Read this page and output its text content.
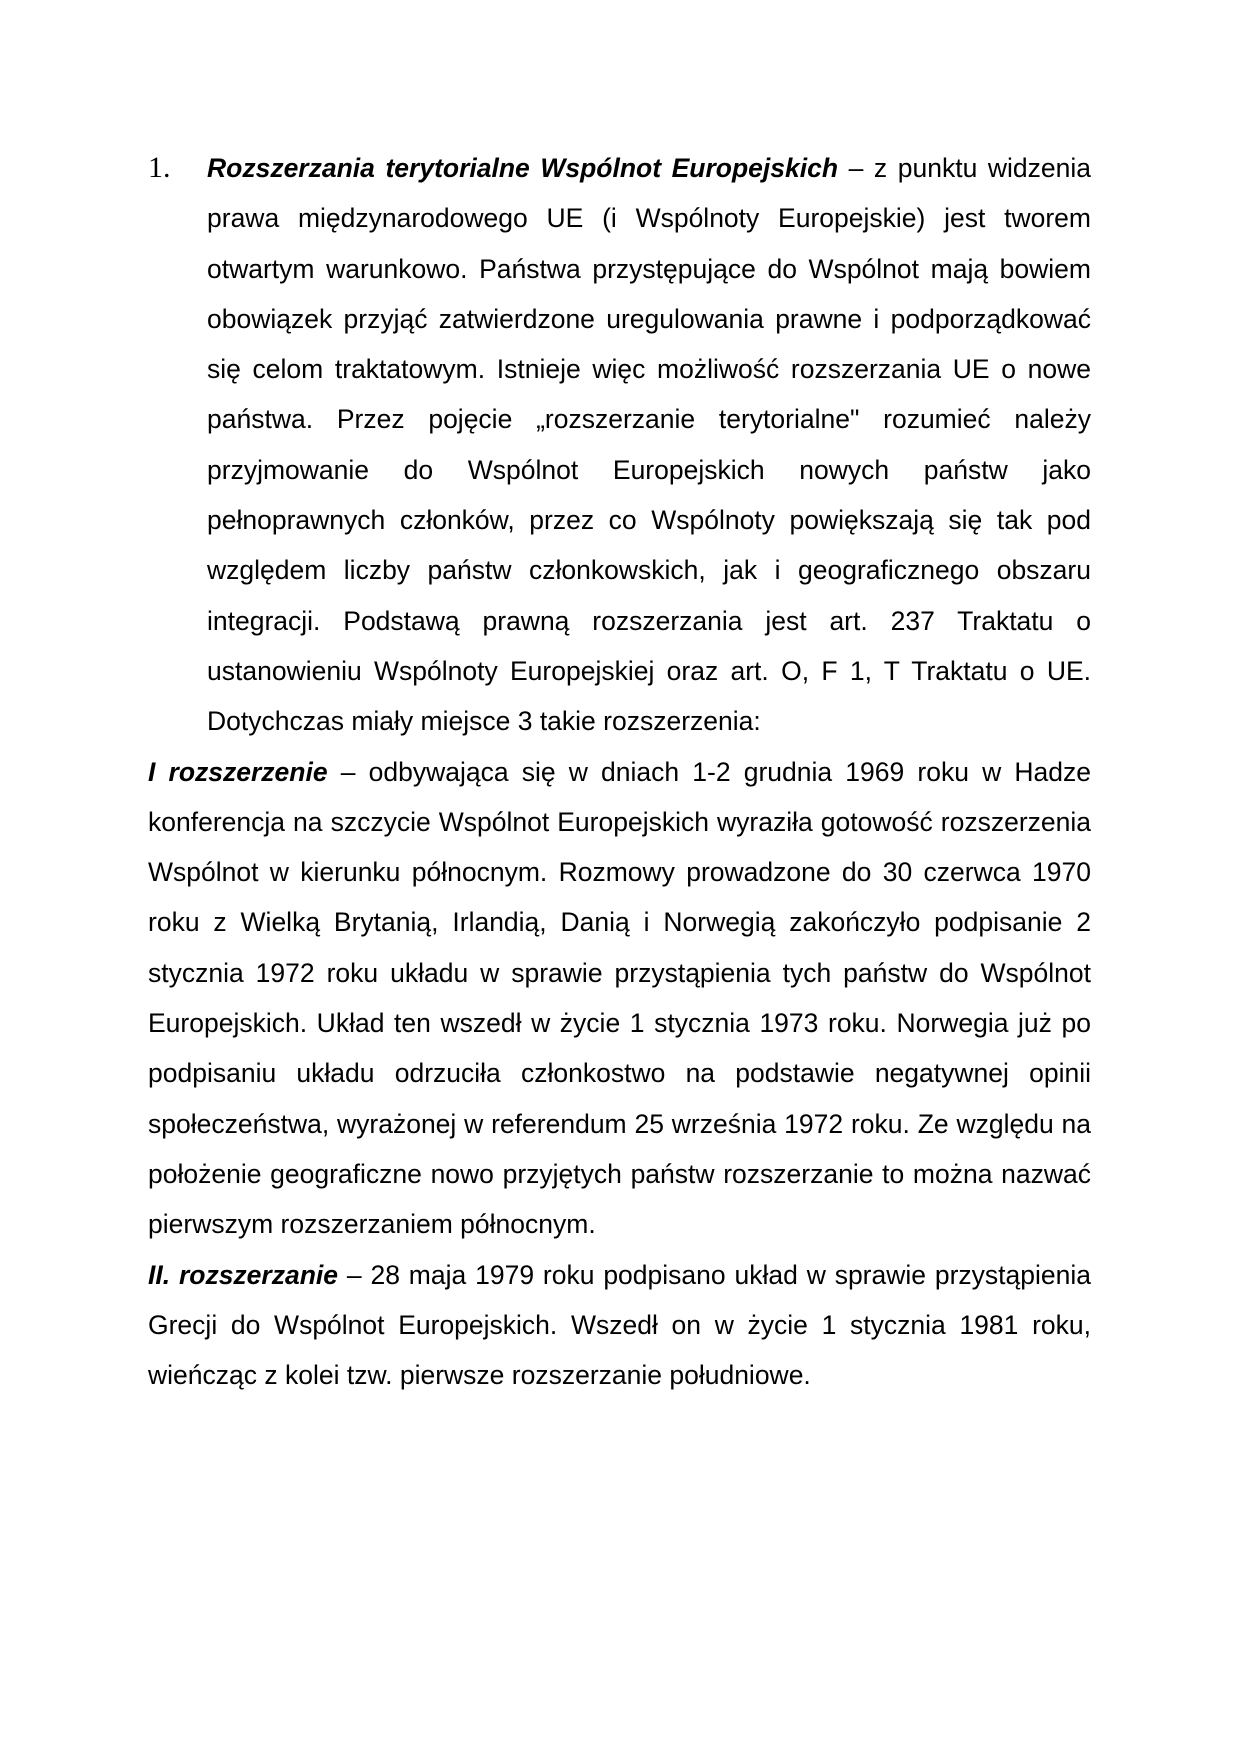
1. Rozszerzania terytorialne Wspólnot Europejskich – z punktu widzenia prawa międzynarodowego UE (i Wspólnoty Europejskie) jest tworem otwartym warunkowo. Państwa przystępujące do Wspólnot mają bowiem obowiązek przyjąć zatwierdzone uregulowania prawne i podporządkować się celom traktatowym. Istnieje więc możliwość rozszerzania UE o nowe państwa. Przez pojęcie „rozszerzanie terytorialne" rozumieć należy przyjmowanie do Wspólnot Europejskich nowych państw jako pełnoprawnych członków, przez co Wspólnoty powiększają się tak pod względem liczby państw członkowskich, jak i geograficznego obszaru integracji. Podstawą prawną rozszerzania jest art. 237 Traktatu o ustanowieniu Wspólnoty Europejskiej oraz art. O, F 1, T Traktatu o UE. Dotychczas miały miejsce 3 takie rozszerzenia:

I rozszerzenie – odbywająca się w dniach 1-2 grudnia 1969 roku w Hadze konferencja na szczycie Wspólnot Europejskich wyraziła gotowość rozszerzenia Wspólnot w kierunku północnym. Rozmowy prowadzone do 30 czerwca 1970 roku z Wielką Brytanią, Irlandią, Danią i Norwegią zakończyło podpisanie 2 stycznia 1972 roku układu w sprawie przystąpienia tych państw do Wspólnot Europejskich. Układ ten wszedł w życie 1 stycznia 1973 roku. Norwegia już po podpisaniu układu odrzuciła członkostwo na podstawie negatywnej opinii społeczeństwa, wyrażonej w referendum 25 września 1972 roku. Ze względu na położenie geograficzne nowo przyjętych państw rozszerzanie to można nazwać pierwszym rozszerzaniem północnym.

II. rozszerzanie – 28 maja 1979 roku podpisano układ w sprawie przystąpienia Grecji do Wspólnot Europejskich. Wszedł on w życie 1 stycznia 1981 roku, wieńcząc z kolei tzw. pierwsze rozszerzanie południowe.
